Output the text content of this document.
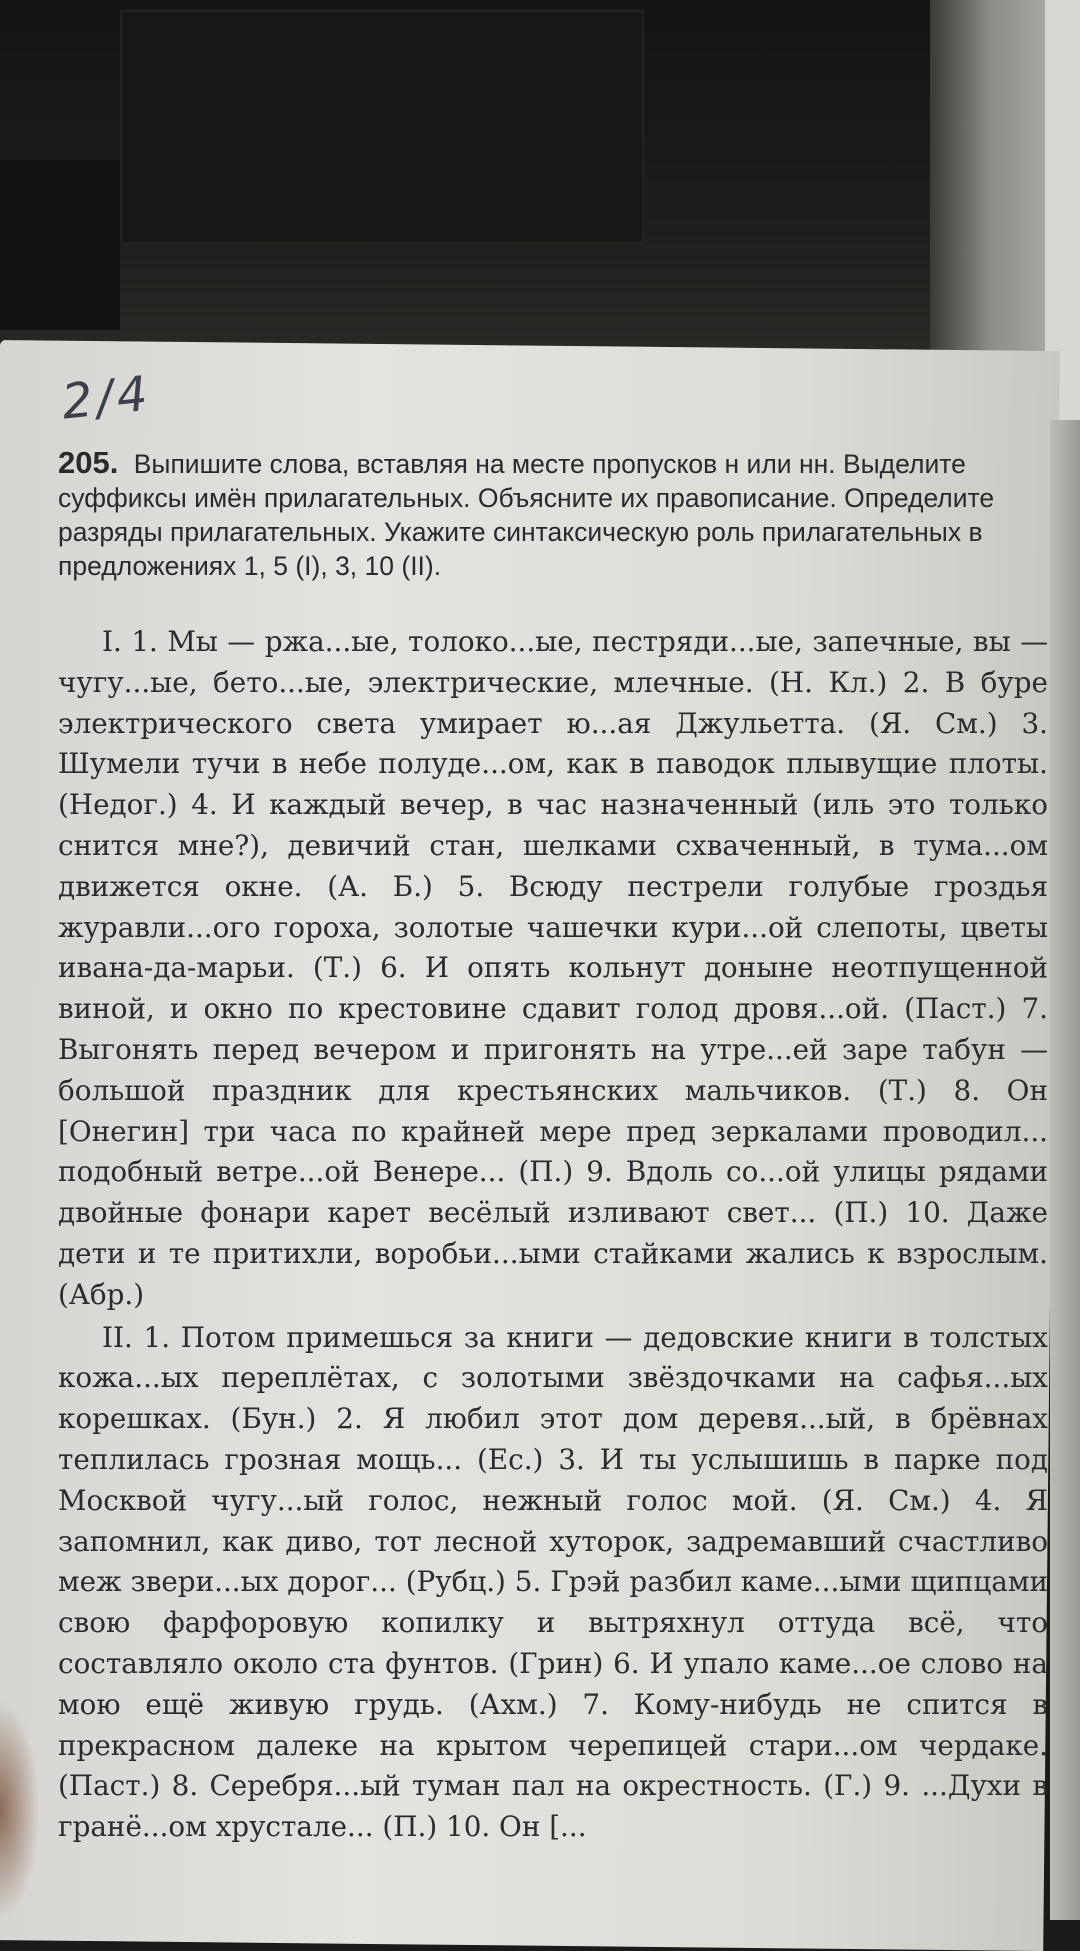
2/4
205. Выпишите слова, вставляя на месте пропусков н или нн. Выделите суффиксы имён прилагательных. Объясните их правописание. Определите разряды прилагательных. Укажите синтаксическую роль прилагательных в предложениях 1, 5 (I), 3, 10 (II).

I. 1. Мы — ржа...ые, толоко...ые, пестряди...ые, запечные, вы — чугу...ые, бето...ые, электрические, млечные. (Н. Кл.) 2. В буре электрического света умирает ю...ая Джульетта. (Я. См.) 3. Шумели тучи в небе полуде...ом, как в паводок плывущие плоты. (Недог.) 4. И каждый вечер, в час назначенный (иль это только снится мне?), девичий стан, шелками схваченный, в тума...ом движется окне. (А. Б.) 5. Всюду пестрели голубые гроздья журавли...ого гороха, золотые чашечки кури...ой слепоты, цветы ивана-да-марьи. (Т.) 6. И опять кольнут доныне неотпущенной виной, и окно по крестовине сдавит голод дровя...ой. (Паст.) 7. Выгонять перед вечером и пригонять на утре...ей заре табун — большой праздник для крестьянских мальчиков. (Т.) 8. Он [Онегин] три часа по крайней мере пред зеркалами проводил... подобный ветре...ой Венере... (П.) 9. Вдоль со...ой улицы рядами двойные фонари карет весёлый изливают свет... (П.) 10. Даже дети и те притихли, воробьи...ыми стайками жались к взрослым. (Абр.)

II. 1. Потом примешься за книги — дедовские книги в толстых кожа...ых переплётах, с золотыми звёздочками на сафья...ых корешках. (Бун.) 2. Я любил этот дом деревя...ый, в брёвнах теплилась грозная мощь... (Ес.) 3. И ты услышишь в парке под Москвой чугу...ый голос, нежный голос мой. (Я. См.) 4. Я запомнил, как диво, тот лесной хуторок, задремавший счастливо меж звери...ых дорог... (Рубц.) 5. Грэй разбил каме...ыми щипцами свою фарфоровую копилку и вытряхнул оттуда всё, что составляло около ста фунтов. (Грин) 6. И упало каме...ое слово на мою ещё живую грудь. (Ахм.) 7. Кому-нибудь не спится в прекрасном далеке на крытом черепицей стари...ом чердаке. (Паст.) 8. Серебря...ый туман пал на окрестность. (Г.) 9. ...Духи в гранё...ом хрустале... (П.) 10. Он [...
